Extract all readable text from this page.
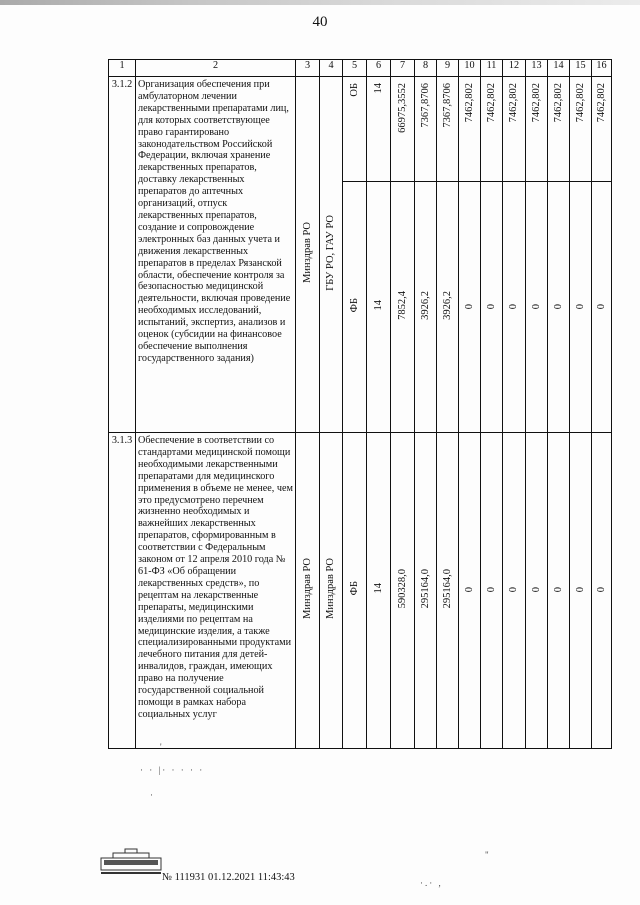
40
1	2	3	4	5	6	7	8	9	10	11	12	13	14	15	16
3.1.2	Организация обеспечения при амбулаторном лечении лекарственными препаратами лиц, для которых соответствующее право гарантировано законодательством Российской Федерации, включая хранение лекарственных препаратов, доставку лекарственных препаратов до аптечных организаций, отпуск лекарственных препаратов, создание и сопровождение электронных баз данных учета и движения лекарственных препаратов в пределах Рязанской области, обеспечение контроля за безопасностью медицинской деятельности, включая проведение необходимых исследований, испытаний, экспертиз, анализов и оценок (субсидии на финансовое обеспечение выполнения государственного задания)	Минздрав РО	ГБУ РО, ГАУ РО	ОБ	14	66975,3552	7367,8706	7367,8706	7462,802	7462,802	7462,802	7462,802	7462,802	7462,802	7462,802
				ФБ	14	7852,4	3926,2	3926,2	0	0	0	0	0	0	0
3.1.3	Обеспечение в соответствии со стандартами медицинской помощи необходимыми лекарственными препаратами для медицинского применения в объеме не менее, чем это предусмотрено перечнем жизненно необходимых и важнейших лекарственных препаратов, сформированным в соответствии с Федеральным законом от 12 апреля 2010 года № 61-ФЗ «Об обращении лекарственных средств», по рецептам на лекарственные препараты, медицинскими изделиями по рецептам на медицинские изделия, а также специализированными продуктами лечебного питания для детей-инвалидов, граждан, имеющих право на получение государственной социальной помощи в рамках набора социальных услуг	Минздрав РО	Минздрав РО	ФБ	14	590328,0	295164,0	295164,0	0	0	0	0	0	0	0
'
· · |· · · · ·
·
"
·.· ,
№ 111931 01.12.2021 11:43:43
